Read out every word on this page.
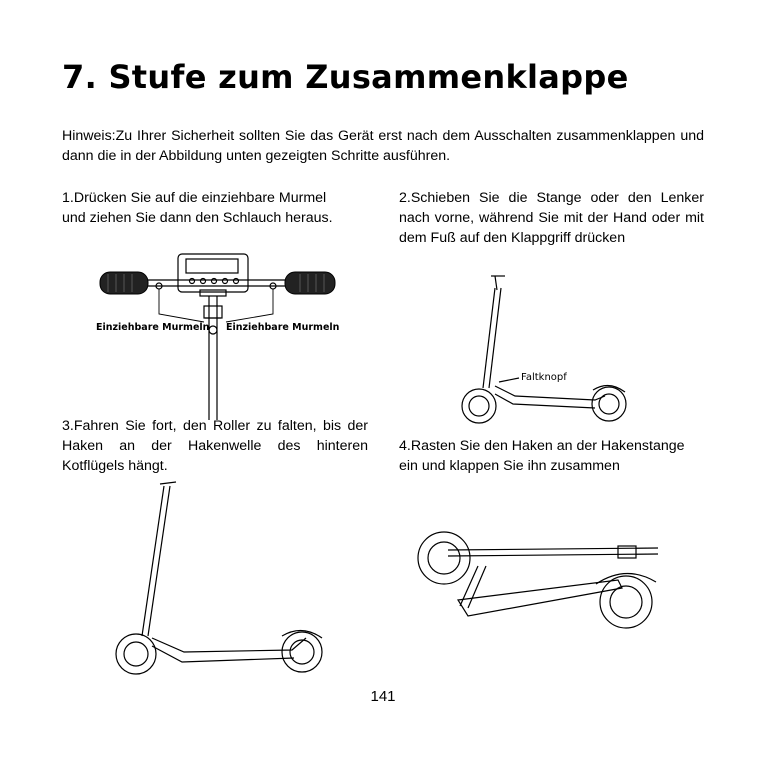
7. Stufe zum Zusammenklappe
Hinweis:Zu Ihrer Sicherheit sollten Sie das Gerät erst nach dem Ausschalten zusammenklappen und dann die in der Abbildung unten gezeigten Schritte ausführen.
1.Drücken Sie auf die einziehbare Murmel und ziehen Sie dann den Schlauch heraus.
2.Schieben Sie die Stange oder den Lenker nach vorne, während Sie mit der Hand oder mit dem Fuß auf den Klappgriff drücken
3.Fahren Sie fort, den Roller zu falten, bis der Haken an der Hakenwelle des hinteren Kotflügels hängt.
4.Rasten Sie den Haken an der Hakenstange ein und klappen Sie ihn zusammen
Einziehbare Murmeln Einziehbare Murmeln
Faltknopf
141
